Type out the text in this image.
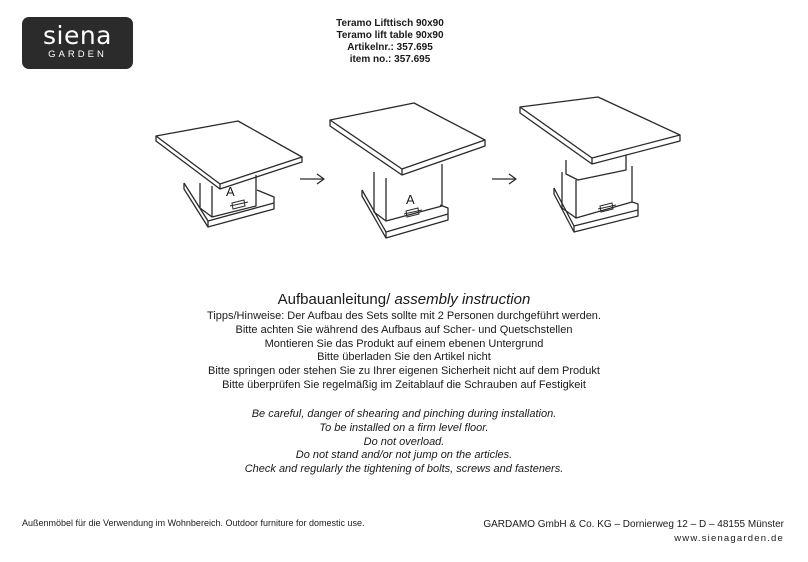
siena
GARDEN
Teramo Lifttisch 90x90
Teramo lift table 90x90
Artikelnr.: 357.695
item no.: 357.695
A
A
Aufbauanleitung/ assembly instruction
Tipps/Hinweise: Der Aufbau des Sets sollte mit 2 Personen durchgeführt werden.
Bitte achten Sie während des Aufbaus auf Scher- und Quetschstellen
Montieren Sie das Produkt auf einem ebenen Untergrund
Bitte überladen Sie den Artikel nicht
Bitte springen oder stehen Sie zu Ihrer eigenen Sicherheit nicht auf dem Produkt
Bitte überprüfen Sie regelmäßig im Zeitablauf die Schrauben auf Festigkeit
Be careful, danger of shearing and pinching during installation.
To be installed on a firm level floor.
Do not overload.
Do not stand and/or not jump on the articles.
Check and regularly the tightening of bolts, screws and fasteners.
Außenmöbel für die Verwendung im Wohnbereich. Outdoor furniture for domestic use.	GARDAMO GmbH & Co. KG – Dornierweg 12 – D – 48155 Münster
www.sienagarden.de
